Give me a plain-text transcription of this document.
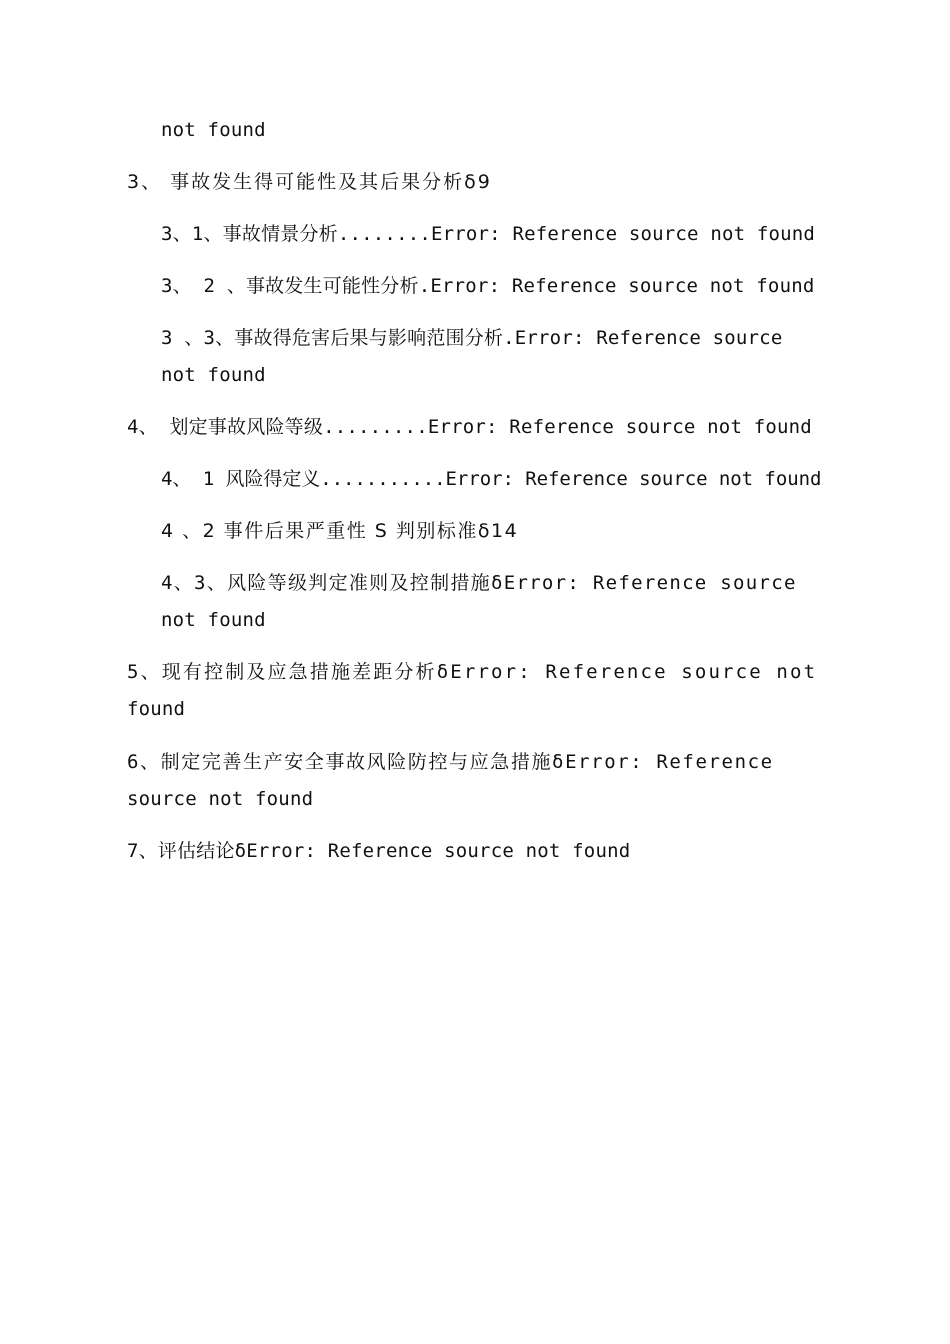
not found
3、 事故发生得可能性及其后果分析δ9
3、1、事故情景分析........Error: Reference source not found
3、 2 、事故发生可能性分析.Error: Reference source not found
3 、3、事故得危害后果与影响范围分析.Error: Reference source
not found
4、 划定事故风险等级.........Error: Reference source not found
4、 1 风险得定义...........Error: Reference source not found
4 、2 事件后果严重性 S 判别标准δ14
4、3、风险等级判定准则及控制措施δError: Reference source
not found
5、现有控制及应急措施差距分析δError: Reference source not
found
6、制定完善生产安全事故风险防控与应急措施δError: Reference
source not found
7、评估结论δError: Reference source not found
